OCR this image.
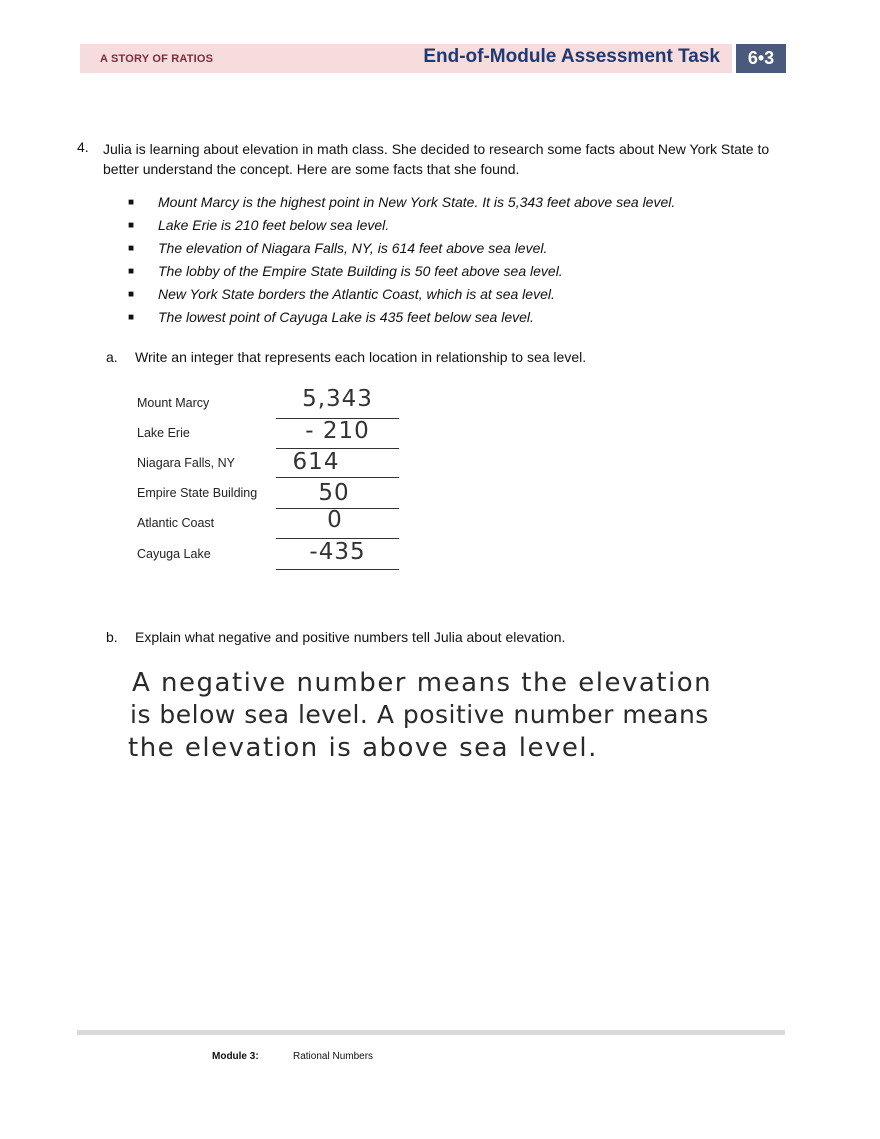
A STORY OF RATIOS	End-of-Module Assessment Task	6•3
4. Julia is learning about elevation in math class. She decided to research some facts about New York State to better understand the concept. Here are some facts that she found.
■ Mount Marcy is the highest point in New York State. It is 5,343 feet above sea level.
■ Lake Erie is 210 feet below sea level.
■ The elevation of Niagara Falls, NY, is 614 feet above sea level.
■ The lobby of the Empire State Building is 50 feet above sea level.
■ New York State borders the Atlantic Coast, which is at sea level.
■ The lowest point of Cayuga Lake is 435 feet below sea level.
a. Write an integer that represents each location in relationship to sea level.
Mount Marcy	5,343
Lake Erie	- 210
Niagara Falls, NY	614
Empire State Building	50
Atlantic Coast	0
Cayuga Lake	-435
b. Explain what negative and positive numbers tell Julia about elevation.
A negative number means the elevation
is below sea level. A positive number means
the elevation is above sea level.
Module 3:	Rational Numbers
